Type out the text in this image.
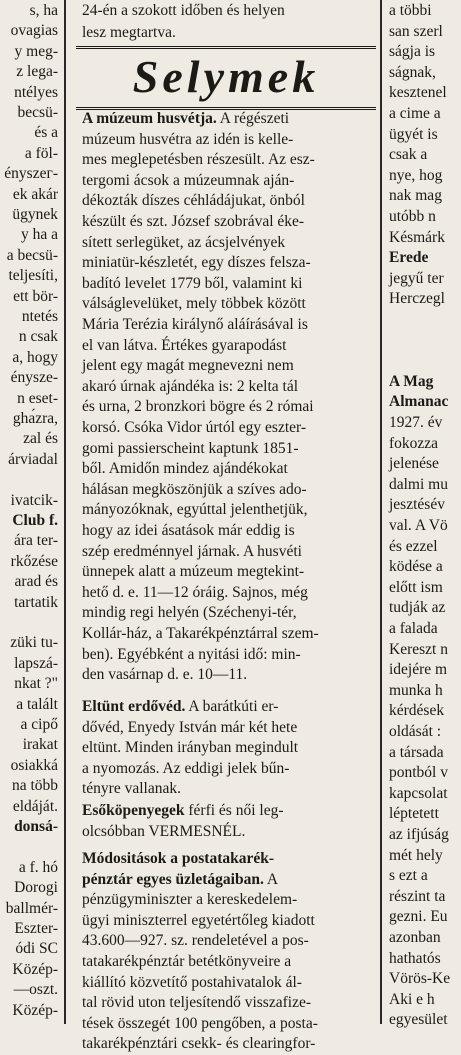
s, ha
ovagias
y meg-
z lega-
ntélyes
becsü-
és a
a föl-
ényszeг-
ek akár
ügynek
y ha a
a becsü-
teljesíti,
ett bör-
ntetés
n csak
a, hogy
ényszе-
n eset-
ghа́zra,
zal és
árviadal
ivatcik-
Club f.
ára ter-
rkőzése
arad és
tartatik
züki tu-
lapszá-
nkat ?"
a talált
a cipő
irakat
osiakká
na több
eldáját.
donsá-
a f. hó
Dorogi
ballmér-
Eszter-
ódi SC
Közép-
—oszt.
Közép-
24-én a szokott időben és helyen
lesz megtartva.
Selymek
A múzeum husvétja. A régészeti
múzeum husvétra az idén is kelle-
mes meglepetésben részesült. Az esz-
tergomi ácsok a múzeumnak aján-
dékozták díszes céhládájukat, önból
készült és szt. József szobrával éke-
sített serlegüket, az ácsjelvények
miniatür-készletét, egy díszes felsza-
badító levelet 1779 ből, valamint ki
válságlevelüket, mely többek között
Mária Terézia királynő aláírásával is
el van látva. Értékes gyarapodást
jelent egy magát megnevezni nem
akaró úrnak ajándéka is: 2 kelta tál
és urna, 2 bronzkori bögre és 2 római
korsó. Csóka Vidor úrtól egy eszter-
gomi passierscheint kaptunk 1851-
ből. Amidőn mindez ajándékokat
hálásan megköszönjük a szíves ado-
mányozóknak, egyúttal jelenthetjük,
hogy az idei ásatások már eddig is
szép eredménnyel járnak. A husvéti
ünnepek alatt a múzeum megtekint-
hető d. e. 11—12 óráig. Sajnos, még
mindig regi helyén (Széchenyi-tér,
Kollár-ház, a Takarékpénztárral szem-
ben). Egyébként a nyitási idő: min-
den vasárnap d. e. 10—11.
Eltünt erdővéd. A barátkúti er-
dővéd, Enyedy István már két hete
eltünt. Minden irányban megindult
a nyomozás. Az eddigi jelek bűn-
tényre vallanak.
Esőköpenyegek férfi és női leg-
olcsóbban VERMESNÉL.
Módositások a postatakarék-
pénztár egyes üzletágaiban. A
pénzügyminiszter a kereskedelem-
ügyi miniszterrel egyetértőleg kiadott
43.600—927. sz. rendeletével a pos-
tatakarékpénztár betétkönyveire a
kiállító közvetítő postahivatalok ál-
tal rövid uton teljesítendő visszafize-
tések összegét 100 pengőben, a posta-
takarékpénztári csekk- és clearingfor-
a többi
san szerl
ságja is
ságnak,
kesztenel
a cime a
ügyét is
csak a
nye, hog
nak mag
utóbb n
Késmárk
Erede
jegyű ter
Herczegl
A Mag
Almanac
1927. év
fokozza
jelenése
dalmi mu
jesztésév
val. A Vö
és ezzel
ködése a
előtt ism
tudják az
a falada
Kereszt n
idejére m
munka h
kérdések
oldását :
a társada
pontból v
kapcsolat
léptetett
az ifjúság
mét hely
s ezt a
részint ta
gezni. Eu
azonban
hathatós
Vörös-Ke
Aki e h
egyesület
